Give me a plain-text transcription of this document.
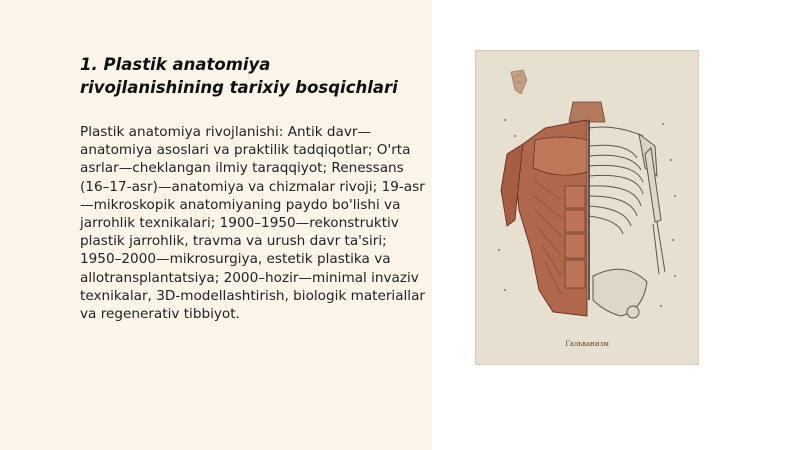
1. Plastik anatomiya rivojlanishining tarixiy bosqichlari

Plastik anatomiya rivojlanishi: Antik davr—anatomiya asoslari va praktilik tadqiqotlar; O'rta asrlar—cheklangan ilmiy taraqqiyot; Renessans (16–17-asr)—anatomiya va chizmalar rivoji; 19-asr—mikroskopik anatomiyaning paydo bo'lishi va jarrohlik texnikalari; 1900–1950—rekonstruktiv plastik jarrohlik, travma va urush davr ta'siri; 1950–2000—mikrosurgiya, estetik plastika va allotransplantatsiya; 2000–hozir—minimal invaziv texnikalar, 3D-modellashtirish, biologik materiallar va regenerativ tibbiyot.

Гальванизм
